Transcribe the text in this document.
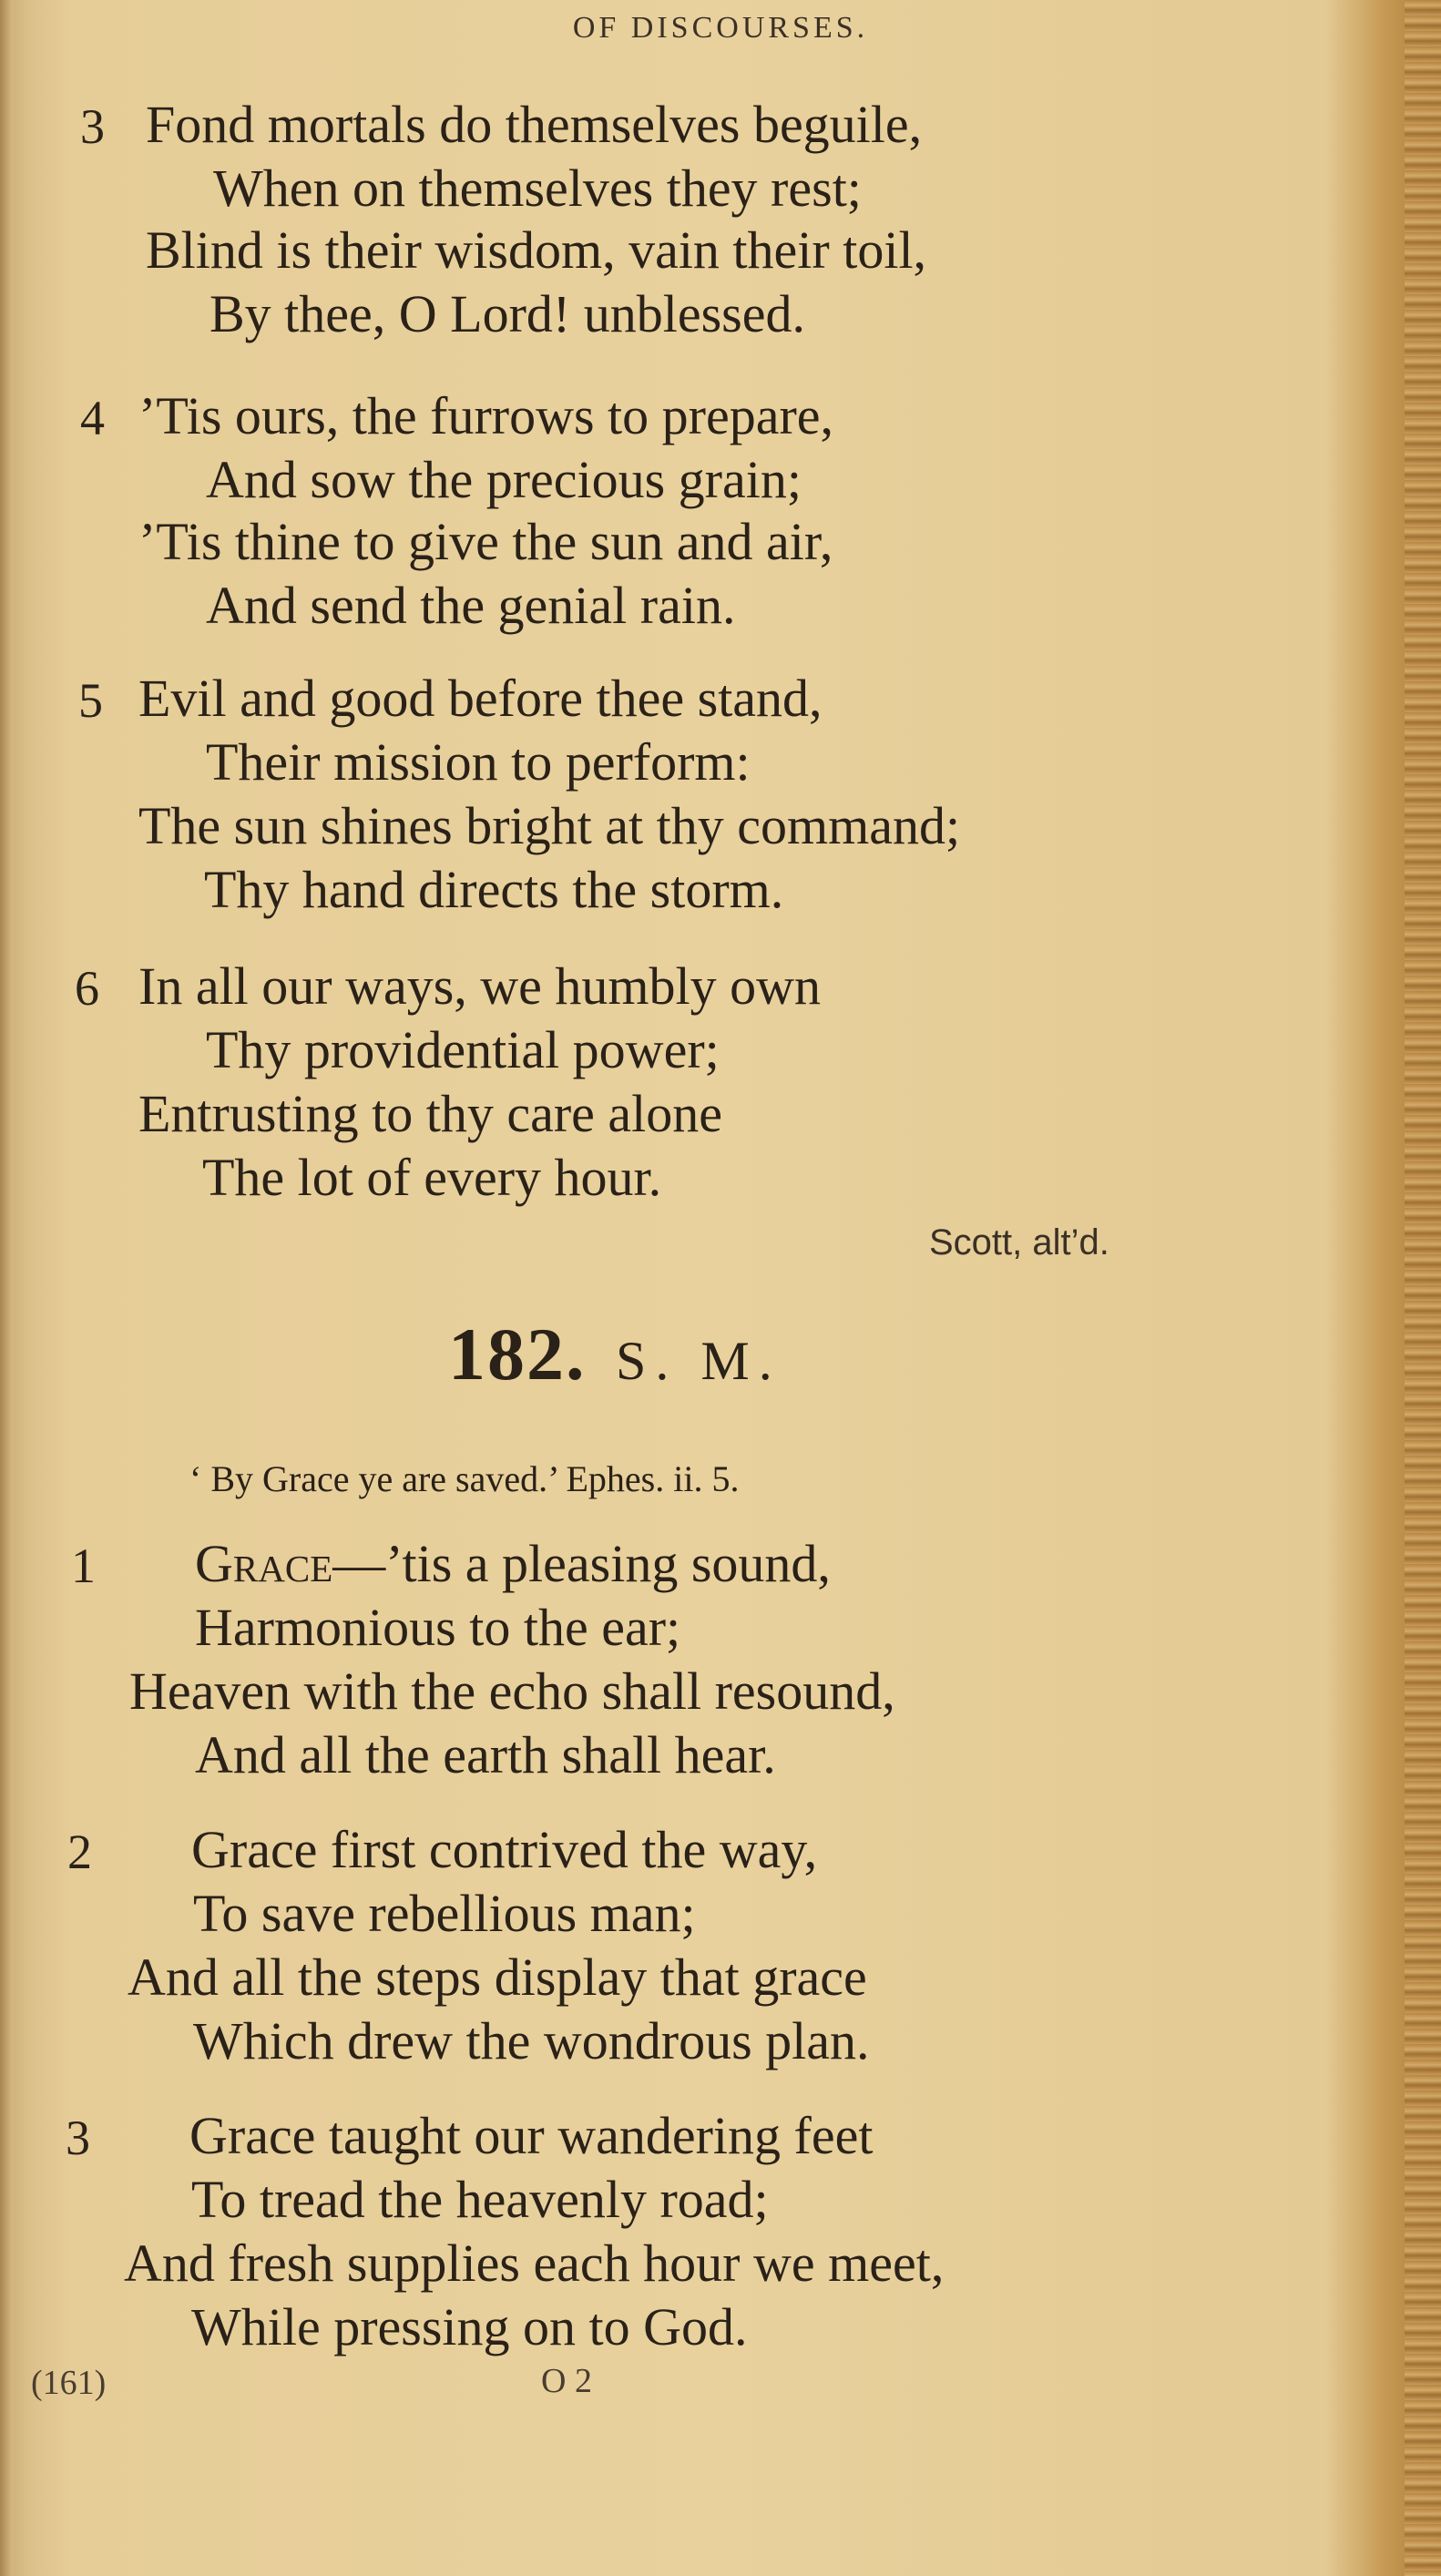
OF DISCOURSES.
3 Fond mortals do themselves beguile,
When on themselves they rest;
Blind is their wisdom, vain their toil,
By thee, O Lord! unblessed.
4 ’Tis ours, the furrows to prepare,
And sow the precious grain;
’Tis thine to give the sun and air,
And send the genial rain.
5 Evil and good before thee stand,
Their mission to perform:
The sun shines bright at thy command;
Thy hand directs the storm.
6 In all our ways, we humbly own
Thy providential power;
Entrusting to thy care alone
The lot of every hour.
Scott, alt’d.
182. S. M.
‘ By Grace ye are saved.’ Ephes. ii. 5.
1 Grace—’tis a pleasing sound,
Harmonious to the ear;
Heaven with the echo shall resound,
And all the earth shall hear.
2 Grace first contrived the way,
To save rebellious man;
And all the steps display that grace
Which drew the wondrous plan.
3 Grace taught our wandering feet
To tread the heavenly road;
And fresh supplies each hour we meet,
While pressing on to God.
(161)	O 2
